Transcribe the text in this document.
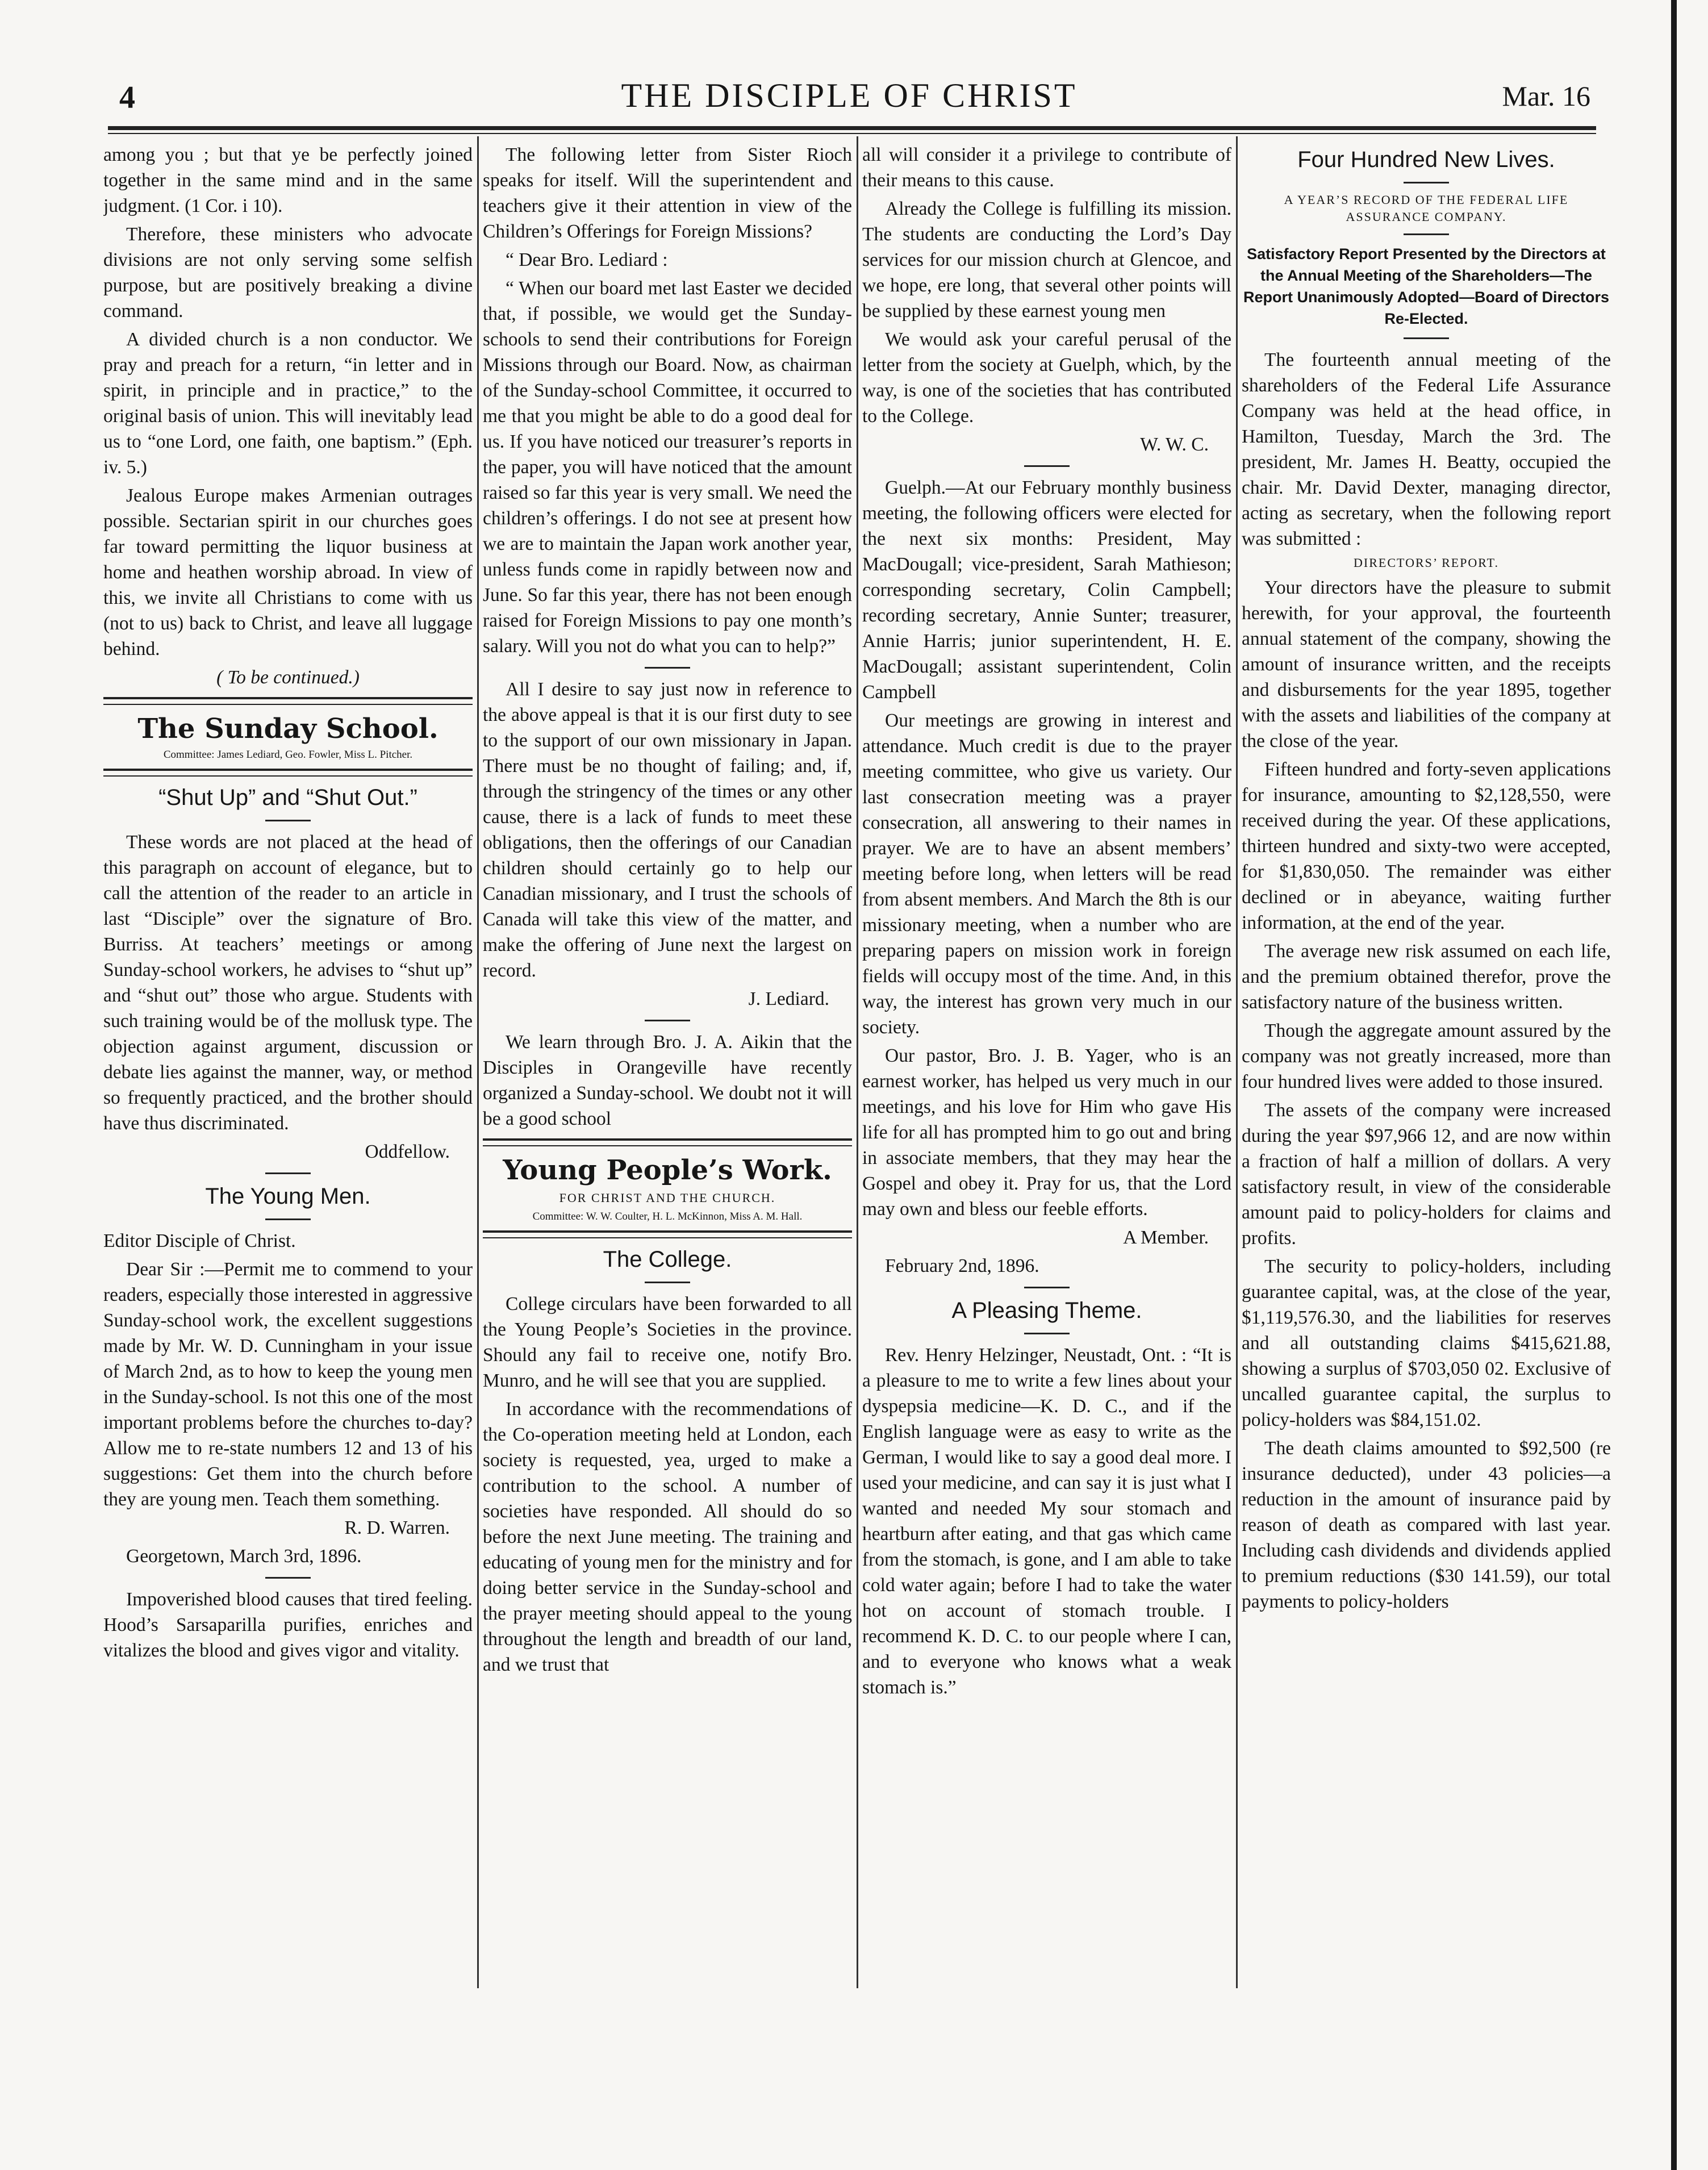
4	THE DISCIPLE OF CHRIST	Mar. 16

among you ; but that ye be perfectly joined together in the same mind and in the same judgment. (1 Cor. i 10).

Therefore, these ministers who advocate divisions are not only serving some selfish purpose, but are positively breaking a divine command.

A divided church is a non conductor. We pray and preach for a return, “in letter and in spirit, in principle and in practice,” to the original basis of union. This will inevitably lead us to “one Lord, one faith, one baptism.” (Eph. iv. 5.)

Jealous Europe makes Armenian outrages possible. Sectarian spirit in our churches goes far toward permitting the liquor business at home and heathen worship abroad. In view of this, we invite all Christians to come with us (not to us) back to Christ, and leave all luggage behind.

( To be continued.)

The Sunday School.
Committee: James Lediard, Geo. Fowler, Miss L. Pitcher.
“Shut Up” and “Shut Out.”

These words are not placed at the head of this paragraph on account of elegance, but to call the attention of the reader to an article in last “Disciple” over the signature of Bro. Burriss. At teachers’ meetings or among Sunday-school workers, he advises to “shut up” and “shut out” those who argue. Students with such training would be of the mollusk type. The objection against argument, discussion or debate lies against the manner, way, or method so frequently practiced, and the brother should have thus discriminated.

Oddfellow.

The Young Men.

Editor Disciple of Christ.

Dear Sir :—Permit me to commend to your readers, especially those interested in aggressive Sunday-school work, the excellent suggestions made by Mr. W. D. Cunningham in your issue of March 2nd, as to how to keep the young men in the Sunday-school. Is not this one of the most important problems before the churches to-day? Allow me to re-state numbers 12 and 13 of his suggestions: Get them into the church before they are young men. Teach them something.

R. D. Warren.

Georgetown, March 3rd, 1896.

Impoverished blood causes that tired feeling. Hood’s Sarsaparilla purifies, enriches and vitalizes the blood and gives vigor and vitality.

The following letter from Sister Rioch speaks for itself. Will the superintendent and teachers give it their attention in view of the Children’s Offerings for Foreign Missions?

“ Dear Bro. Lediard :

“ When our board met last Easter we decided that, if possible, we would get the Sunday-schools to send their contributions for Foreign Missions through our Board. Now, as chairman of the Sunday-school Committee, it occurred to me that you might be able to do a good deal for us. If you have noticed our treasurer’s reports in the paper, you will have noticed that the amount raised so far this year is very small. We need the children’s offerings. I do not see at present how we are to maintain the Japan work another year, unless funds come in rapidly between now and June. So far this year, there has not been enough raised for Foreign Missions to pay one month’s salary. Will you not do what you can to help?”

All I desire to say just now in reference to the above appeal is that it is our first duty to see to the support of our own missionary in Japan. There must be no thought of failing; and, if, through the stringency of the times or any other cause, there is a lack of funds to meet these obligations, then the offerings of our Canadian children should certainly go to help our Canadian missionary, and I trust the schools of Canada will take this view of the matter, and make the offering of June next the largest on record.

J. Lediard.

We learn through Bro. J. A. Aikin that the Disciples in Orangeville have recently organized a Sunday-school. We doubt not it will be a good school

Young People’s Work.
FOR CHRIST AND THE CHURCH.
Committee: W. W. Coulter, H. L. McKinnon, Miss A. M. Hall.
The College.

College circulars have been forwarded to all the Young People’s Societies in the province. Should any fail to receive one, notify Bro. Munro, and he will see that you are supplied.

In accordance with the recommendations of the Co-operation meeting held at London, each society is requested, yea, urged to make a contribution to the school. A number of societies have responded. All should do so before the next June meeting. The training and educating of young men for the ministry and for doing better service in the Sunday-school and the prayer meeting should appeal to the young throughout the length and breadth of our land, and we trust that

all will consider it a privilege to contribute of their means to this cause.

Already the College is fulfilling its mission. The students are conducting the Lord’s Day services for our mission church at Glencoe, and we hope, ere long, that several other points will be supplied by these earnest young men

We would ask your careful perusal of the letter from the society at Guelph, which, by the way, is one of the societies that has contributed to the College.

W. W. C.

Guelph.—At our February monthly business meeting, the following officers were elected for the next six months: President, May MacDougall; vice-president, Sarah Mathieson; corresponding secretary, Colin Campbell; recording secretary, Annie Sunter; treasurer, Annie Harris; junior superintendent, H. E. MacDougall; assistant superintendent, Colin Campbell

Our meetings are growing in interest and attendance. Much credit is due to the prayer meeting committee, who give us variety. Our last consecration meeting was a prayer consecration, all answering to their names in prayer. We are to have an absent members’ meeting before long, when letters will be read from absent members. And March the 8th is our missionary meeting, when a number who are preparing papers on mission work in foreign fields will occupy most of the time. And, in this way, the interest has grown very much in our society.

Our pastor, Bro. J. B. Yager, who is an earnest worker, has helped us very much in our meetings, and his love for Him who gave His life for all has prompted him to go out and bring in associate members, that they may hear the Gospel and obey it. Pray for us, that the Lord may own and bless our feeble efforts.

A Member.

February 2nd, 1896.

A Pleasing Theme.

Rev. Henry Helzinger, Neustadt, Ont. : “It is a pleasure to me to write a few lines about your dyspepsia medicine—K. D. C., and if the English language were as easy to write as the German, I would like to say a good deal more. I used your medicine, and can say it is just what I wanted and needed My sour stomach and heartburn after eating, and that gas which came from the stomach, is gone, and I am able to take cold water again; before I had to take the water hot on account of stomach trouble. I recommend K. D. C. to our people where I can, and to everyone who knows what a weak stomach is.”

Four Hundred New Lives.
A YEAR’S RECORD OF THE FEDERAL LIFE ASSURANCE COMPANY.
Satisfactory Report Presented by the Directors at the Annual Meeting of the Shareholders—The Report Unanimously Adopted—Board of Directors Re-Elected.

The fourteenth annual meeting of the shareholders of the Federal Life Assurance Company was held at the head office, in Hamilton, Tuesday, March the 3rd. The president, Mr. James H. Beatty, occupied the chair. Mr. David Dexter, managing director, acting as secretary, when the following report was submitted :

DIRECTORS’ REPORT.

Your directors have the pleasure to submit herewith, for your approval, the fourteenth annual statement of the company, showing the amount of insurance written, and the receipts and disbursements for the year 1895, together with the assets and liabilities of the company at the close of the year.

Fifteen hundred and forty-seven applications for insurance, amounting to $2,128,550, were received during the year. Of these applications, thirteen hundred and sixty-two were accepted, for $1,830,050. The remainder was either declined or in abeyance, waiting further information, at the end of the year.

The average new risk assumed on each life, and the premium obtained therefor, prove the satisfactory nature of the business written.

Though the aggregate amount assured by the company was not greatly increased, more than four hundred lives were added to those insured.

The assets of the company were increased during the year $97,966 12, and are now within a fraction of half a million of dollars. A very satisfactory result, in view of the considerable amount paid to policy-holders for claims and profits.

The security to policy-holders, including guarantee capital, was, at the close of the year, $1,119,576.30, and the liabilities for reserves and all outstanding claims $415,621.88, showing a surplus of $703,050 02. Exclusive of uncalled guarantee capital, the surplus to policy-holders was $84,151.02.

The death claims amounted to $92,500 (re insurance deducted), under 43 policies—a reduction in the amount of insurance paid by reason of death as compared with last year. Including cash dividends and dividends applied to premium reductions ($30 141.59), our total payments to policy-holders
